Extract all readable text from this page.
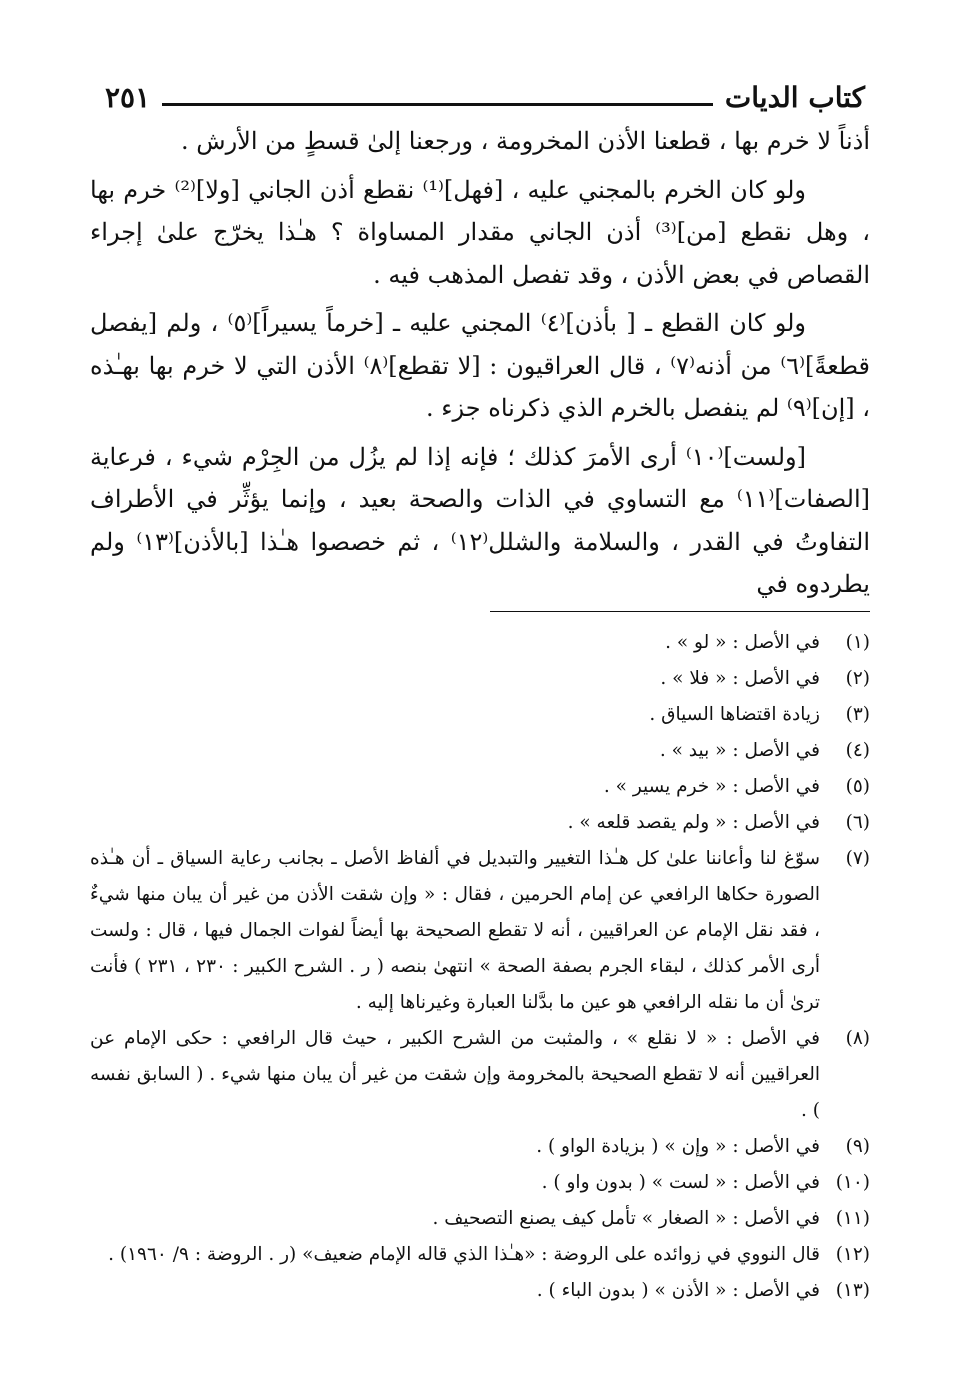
كتاب الديات
٢٥١

أذناً لا خرم بها ، قطعنا الأذن المخرومة ، ورجعنا إلىٰ قسطٍ من الأرش .

ولو كان الخرم بالمجني عليه ، [فهل]⁽¹⁾ نقطع أذن الجاني [ولا]⁽²⁾ خرم بها ، وهل نقطع [من]⁽³⁾ أذن الجاني مقدار المساواة ؟ هـٰذا يخرّج علىٰ إجراء القصاص في بعض الأذن ، وقد تفصل المذهب فيه .

ولو كان القطع ـ [ بأذن]⁽٤⁾ المجني عليه ـ [خرماً يسيراً]⁽٥⁾ ، ولم [يفصل قطعةً]⁽٦⁾ من أذنه⁽٧⁾ ، قال العراقيون : [لا تقطع]⁽٨⁾ الأذن التي لا خرم بها بهـٰذه ، [إن]⁽٩⁾ لم ينفصل بالخرم الذي ذكرناه جزء .

[ولست]⁽١٠⁾ أرى الأمرَ كذلك ؛ فإنه إذا لم يزُل من الجِرْم شيء ، فرعاية [الصفات]⁽١١⁾ مع التساوي في الذات والصحة بعيد ، وإنما يؤثِّر في الأطراف التفاوتُ في القدر ، والسلامة والشلل⁽١٢⁾ ، ثم خصصوا هـٰذا [بالأذن]⁽١٣⁾ ولم يطردوه في

(١)
في الأصل : « لو » .
(٢)
في الأصل : « فلا » .
(٣)
زيادة اقتضاها السياق .
(٤)
في الأصل : « بيد » .
(٥)
في الأصل : « خرم يسير » .
(٦)
في الأصل : « ولم يقصد قلعه » .
(٧)
سوّغ لنا وأعاننا علىٰ كل هـٰذا التغيير والتبديل في ألفاظ الأصل ـ بجانب رعاية السياق ـ أن هـٰذه الصورة حكاها الرافعي عن إمام الحرمين ، فقال : « وإن شقت الأذن من غير أن يبان منها شيءٌ ، فقد نقل الإمام عن العراقيين ، أنه لا تقطع الصحيحة بها أيضاً لفوات الجمال فيها ، قال : ولست أرى الأمر كذلك ، لبقاء الجرم بصفة الصحة » انتهىٰ بنصه ( ر . الشرح الكبير : ٢٣٠ ، ٢٣١ ) فأنت ترىٰ أن ما نقله الرافعي هو عين ما بدَّلنا العبارة وغيرناها إليه .
(٨)
في الأصل : « لا نقلع » ، والمثبت من الشرح الكبير ، حيث قال الرافعي : حكى الإمام عن العراقيين أنه لا تقطع الصحيحة بالمخرومة وإن شقت من غير أن يبان منها شيء . ( السابق نفسه ) .
(٩)
في الأصل : « وإن » ( بزيادة الواو ) .
(١٠)
في الأصل : « لست » ( بدون واو ) .
(١١)
في الأصل : « الصغار » تأمل كيف يصنع التصحيف .
(١٢)
قال النووي في زوائده على الروضة : «هـٰذا الذي قاله الإمام ضعيف» (ر . الروضة : ٩/ ١٩٦٠) .
(١٣)
في الأصل : « الأذن » ( بدون الباء ) .
